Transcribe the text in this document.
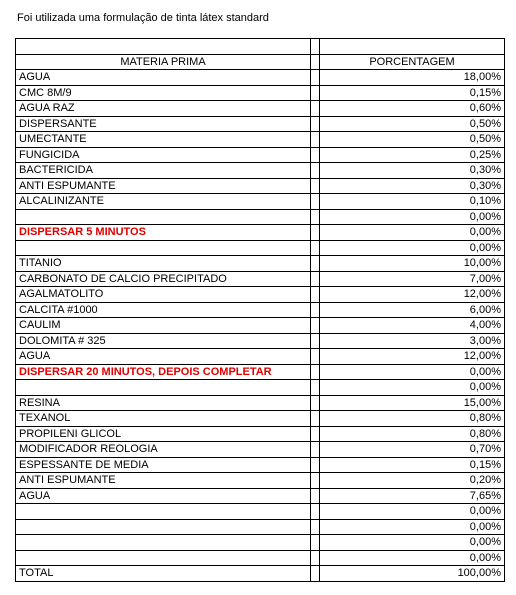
Foi utilizada uma formulação de tinta látex standard

MATERIA PRIMA		PORCENTAGEM
AGUA		18,00%
CMC 8M/9		0,15%
AGUA RAZ		0,60%
DISPERSANTE		0,50%
UMECTANTE		0,50%
FUNGICIDA		0,25%
BACTERICIDA		0,30%
ANTI ESPUMANTE		0,30%
ALCALINIZANTE		0,10%
		0,00%
DISPERSAR 5 MINUTOS		0,00%
		0,00%
TITANIO		10,00%
CARBONATO DE CALCIO PRECIPITADO		7,00%
AGALMATOLITO		12,00%
CALCITA #1000		6,00%
CAULIM		4,00%
DOLOMITA # 325		3,00%
AGUA		12,00%
DISPERSAR 20 MINUTOS, DEPOIS COMPLETAR		0,00%
		0,00%
RESINA		15,00%
TEXANOL		0,80%
PROPILENI GLICOL		0,80%
MODIFICADOR REOLOGIA		0,70%
ESPESSANTE DE MEDIA		0,15%
ANTI ESPUMANTE		0,20%
AGUA		7,65%
		0,00%
		0,00%
		0,00%
		0,00%
TOTAL		100,00%
